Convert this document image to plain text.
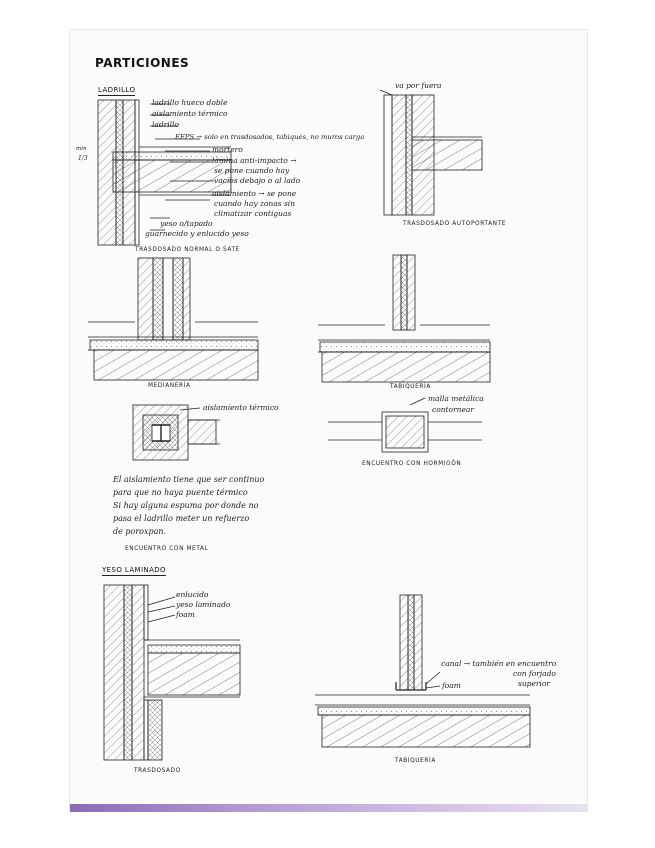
PARTICIONES
LADRILLO
YESO LAMINADO
ladrillo hueco doble
aislamiento térmico
ladrillo
EEPS → solo en trasdosados, tabiques, no muros carga
mortero
lámina anti-impacto →
se pone cuando hay
vacíos debajo o al lado
aislamiento → se pone
cuando hay zonas sin
climatizar contiguas
yeso o/tapado
guarnecido y enlucido yeso
min
1/3
TRASDOSADO NORMAL O SATE
va por fuera
TRASDOSADO AUTOPORTANTE
MEDIANERÍA	TABIQUERÍA
aislamiento térmico
El aislamiento tiene que ser continuo
para que no haya puente térmico
Si hay alguna espuma por donde no
pasa el ladrillo meter un refuerzo
de poroxpan.
ENCUENTRO CON METAL
malla metálica
contornear
ENCUENTRO CON HORMIGÓN
enlucido
yeso laminado
foam
TRASDOSADO
canal → también en encuentro
con forjado
superior
foam
TABIQUERÍA
